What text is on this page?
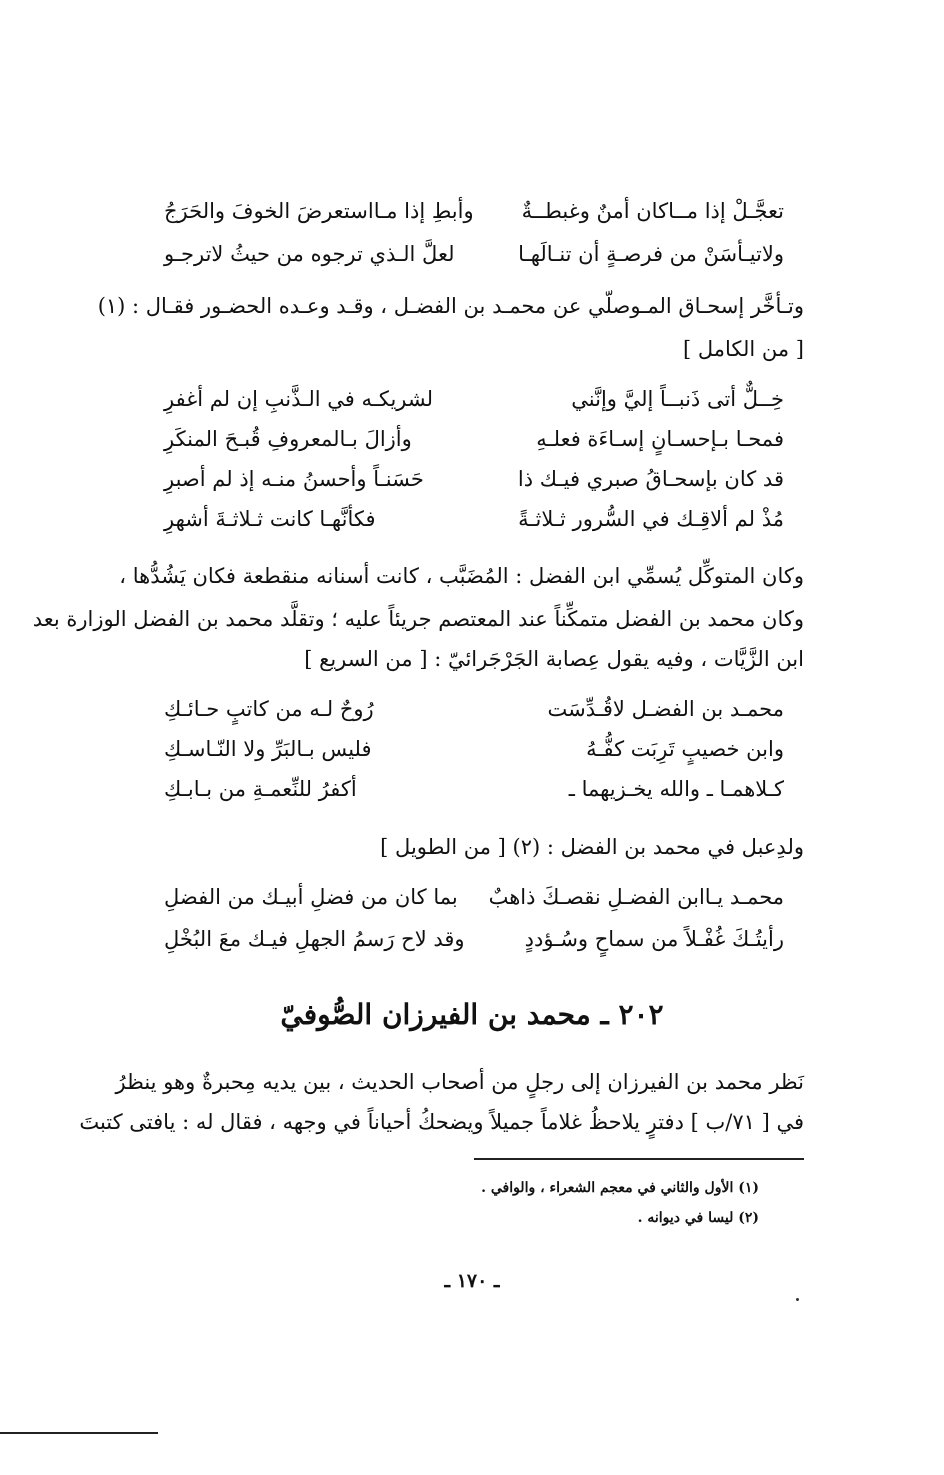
تعجَّـلْ إذا مــاكان أمنٌ وغبطــةٌ
وأبطِ إذا مـااستعرضَ الخوفَ والحَرَجُ
ولاتيـأسَنْ من فرصـةٍ أن تنـالَهـا
لعلَّ الـذي ترجوه من حيثُ لاترجـو
وتـأخَّر إسحـاق المـوصلّي عن محمـد بن الفضـل ، وقـد وعـده الحضـور فقـال : (١)
[ من الكامل ]
خِــلٌّ أتى ذَنبــاً إليَّ وإنَّني
لشريكـه في الـذَّنبِ إن لم أغفرِ
فمحـا بـإحسـانٍ إسـاءَة فعلـهِ
وأزالَ بـالمعروفِ قُبـحَ المنكَرِ
قد كان بإسحـاقُ صبري فيـك ذا
حَسَنـاً وأحسنُ منـه إذ لم أصبرِ
مُذْ لم ألاقِـك في السُّرور ثـلاثـةً
فكأنَّهـا كانت ثـلاثـةَ أشهرِ
وكان المتوكِّل يُسمِّي ابن الفضل : المُضَبَّب ، كانت أسنانه منقطعة فكان يَشُدُّها ،
وكان محمد بن الفضل متمكِّناً عند المعتصم جريئاً عليه ؛ وتقلَّد محمد بن الفضل الوزارة بعد
ابن الزَّيَّات ، وفيه يقول عِصابة الجَرْجَرائيّ : [ من السريع ]
محمـد بن الفضـل لاقُـدِّسَت
رُوحٌ لـه من كاتبٍ حـائـكِ
وابن خصيبٍ تَرِبَت كفُّـهُ
فليس بـالبَرِّ ولا النّـاسـكِ
كـلاهمـا ـ والله يخـزيهما ـ
أكفرُ للنِّعمـةِ من بـابـكِ
ولدِعبل في محمد بن الفضل : (٢) [ من الطويل ]
محمـد يـاابن الفضـلِ نقصـكَ ذاهبٌ
بما كان من فضلِ أبيـك من الفضلِ
رأيتُـكَ غُفْـلاً من سماحٍ وسُـؤددٍ
وقد لاح رَسمُ الجهلِ فيـك معَ البُخْلِ
٢٠٢ ـ محمد بن الفيرزان الصُّوفيّ
نَظر محمد بن الفيرزان إلى رجلٍ من أصحاب الحديث ، بين يديه مِحبرةٌ وهو ينظرُ
في [ ٧١/ب ] دفترٍ يلاحظُ غلاماً جميلاً ويضحكُ أحياناً في وجهه ، فقال له : يافتى كتبتَ
(١) الأول والثاني في معجم الشعراء ، والوافي .
(٢) ليسا في ديوانه .
ـ ١٧٠ ـ
